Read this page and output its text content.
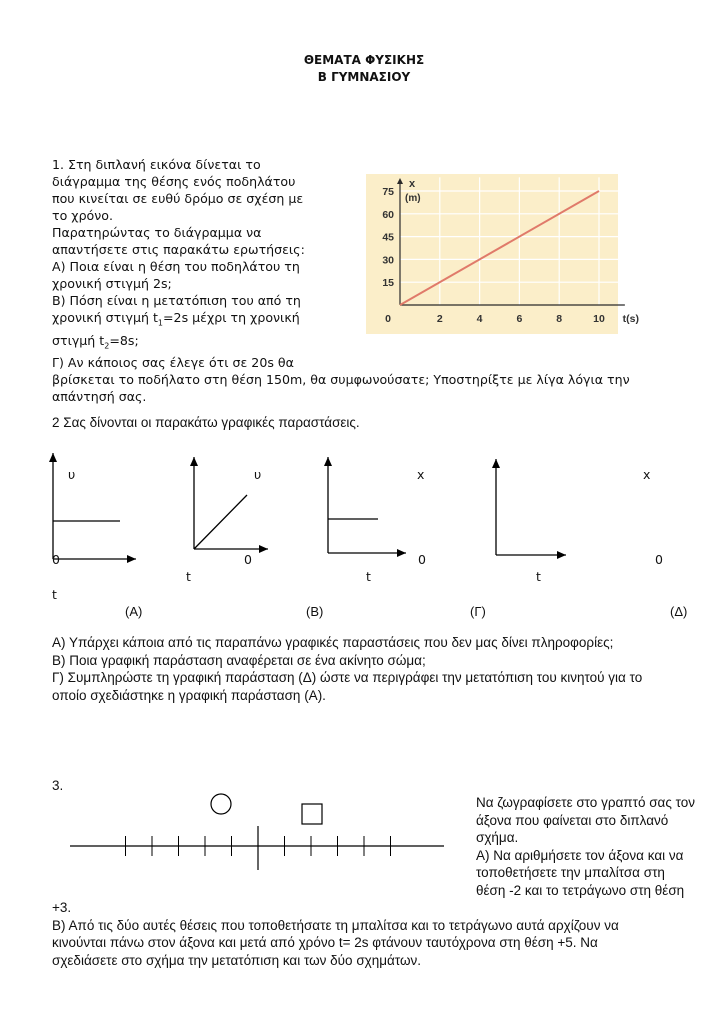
ΘΕΜΑΤΑ ΦΥΣΙΚΗΣ
Β ΓΥΜΝΑΣΙΟΥ
1. Στη διπλανή εικόνα δίνεται το
διάγραμμα της θέσης ενός ποδηλάτου
που κινείται σε ευθύ δρόμο σε σχέση με
το χρόνο.
Παρατηρώντας το διάγραμμα να
απαντήσετε στις παρακάτω ερωτήσεις:
Α) Ποια είναι η θέση του ποδηλάτου τη
χρονική στιγμή 2s;
Β) Πόση είναι η μετατόπιση του από τη
χρονική στιγμή $t_1=2s$ μέχρι τη χρονική
στιγμή $t_2=8s$;
Γ) Αν κάποιος σας έλεγε ότι σε 20s θα
βρίσκεται το ποδήλατο στη θέση 150m, θα συμφωνούσατε; Υποστηρίξτε με λίγα λόγια την
απάντησή σας.
15
30
45
60
75
2	4	6	8	10
0	t(s)
x
(m)
2 Σας δίνονται οι παρακάτω γραφικές παραστάσεις.
υ
0
t
(Α)
υ
0
t
(Β)
x
0
t
(Γ)
x
0
t
(Δ)
Α) Υπάρχει κάποια από τις παραπάνω γραφικές παραστάσεις που δεν μας δίνει πληροφορίες;
Β) Ποια γραφική παράσταση αναφέρεται σε ένα ακίνητο σώμα;
Γ) Συμπληρώστε τη γραφική παράσταση (Δ) ώστε να περιγράφει την μετατόπιση του κινητού για το
οποίο σχεδιάστηκε η γραφική παράσταση (Α).
3.
Να ζωγραφίσετε στο γραπτό σας τον
άξονα που φαίνεται στο διπλανό
σχήμα.
Α) Να αριθμήσετε τον άξονα και να
τοποθετήσετε την μπαλίτσα στη
θέση -2 και το τετράγωνο στη θέση
+3.
Β) Από τις δύο αυτές θέσεις που τοποθετήσατε τη μπαλίτσα και το τετράγωνο αυτά αρχίζουν να
κινούνται πάνω στον άξονα και μετά από χρόνο t= 2s φτάνουν ταυτόχρονα στη θέση +5. Να
σχεδιάσετε στο σχήμα την μετατόπιση και των δύο σχημάτων.
